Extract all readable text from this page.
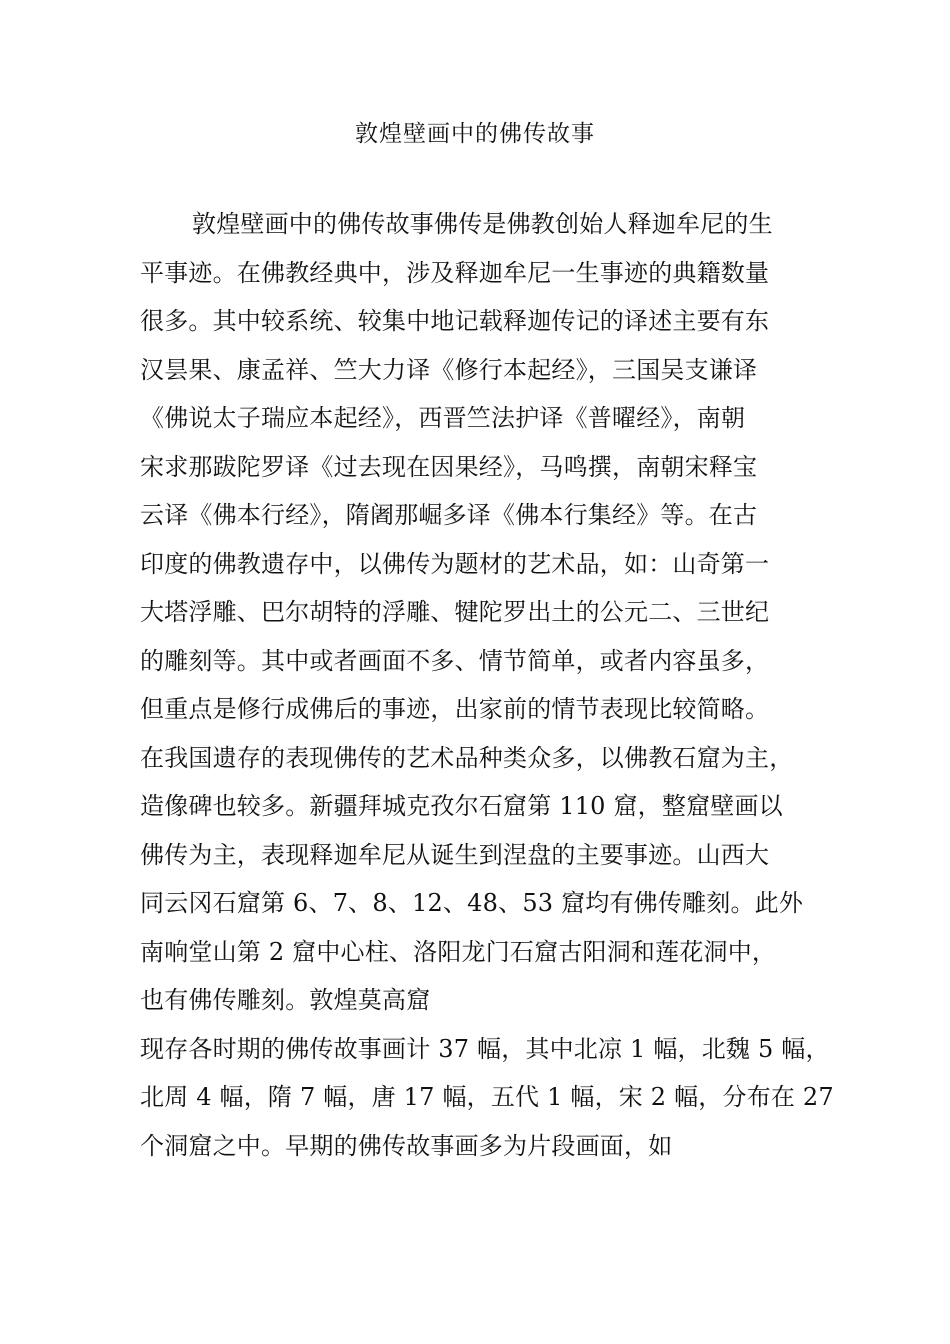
敦煌壁画中的佛传故事
敦煌壁画中的佛传故事佛传是佛教创始人释迦牟尼的生
平事迹。在佛教经典中，涉及释迦牟尼一生事迹的典籍数量
很多。其中较系统、较集中地记载释迦传记的译述主要有东
汉昙果、康孟祥、竺大力译《修行本起经》，三国吴支谦译
《佛说太子瑞应本起经》，西晋竺法护译《普曜经》，南朝
宋求那跋陀罗译《过去现在因果经》，马鸣撰，南朝宋释宝
云译《佛本行经》，隋阇那崛多译《佛本行集经》等。在古
印度的佛教遗存中，以佛传为题材的艺术品，如：山奇第一
大塔浮雕、巴尔胡特的浮雕、犍陀罗出土的公元二、三世纪
的雕刻等。其中或者画面不多、情节简单，或者内容虽多，
但重点是修行成佛后的事迹，出家前的情节表现比较简略。
在我国遗存的表现佛传的艺术品种类众多，以佛教石窟为主，
造像碑也较多。新疆拜城克孜尔石窟第 110 窟，整窟壁画以
佛传为主，表现释迦牟尼从诞生到涅盘的主要事迹。山西大
同云冈石窟第 6、7、8、12、48、53 窟均有佛传雕刻。此外
南响堂山第 2 窟中心柱、洛阳龙门石窟古阳洞和莲花洞中，
也有佛传雕刻。敦煌莫高窟
现存各时期的佛传故事画计 37 幅，其中北凉 1 幅，北魏 5 幅，
北周 4 幅，隋 7 幅，唐 17 幅，五代 1 幅，宋 2 幅，分布在 27
个洞窟之中。早期的佛传故事画多为片段画面，如
